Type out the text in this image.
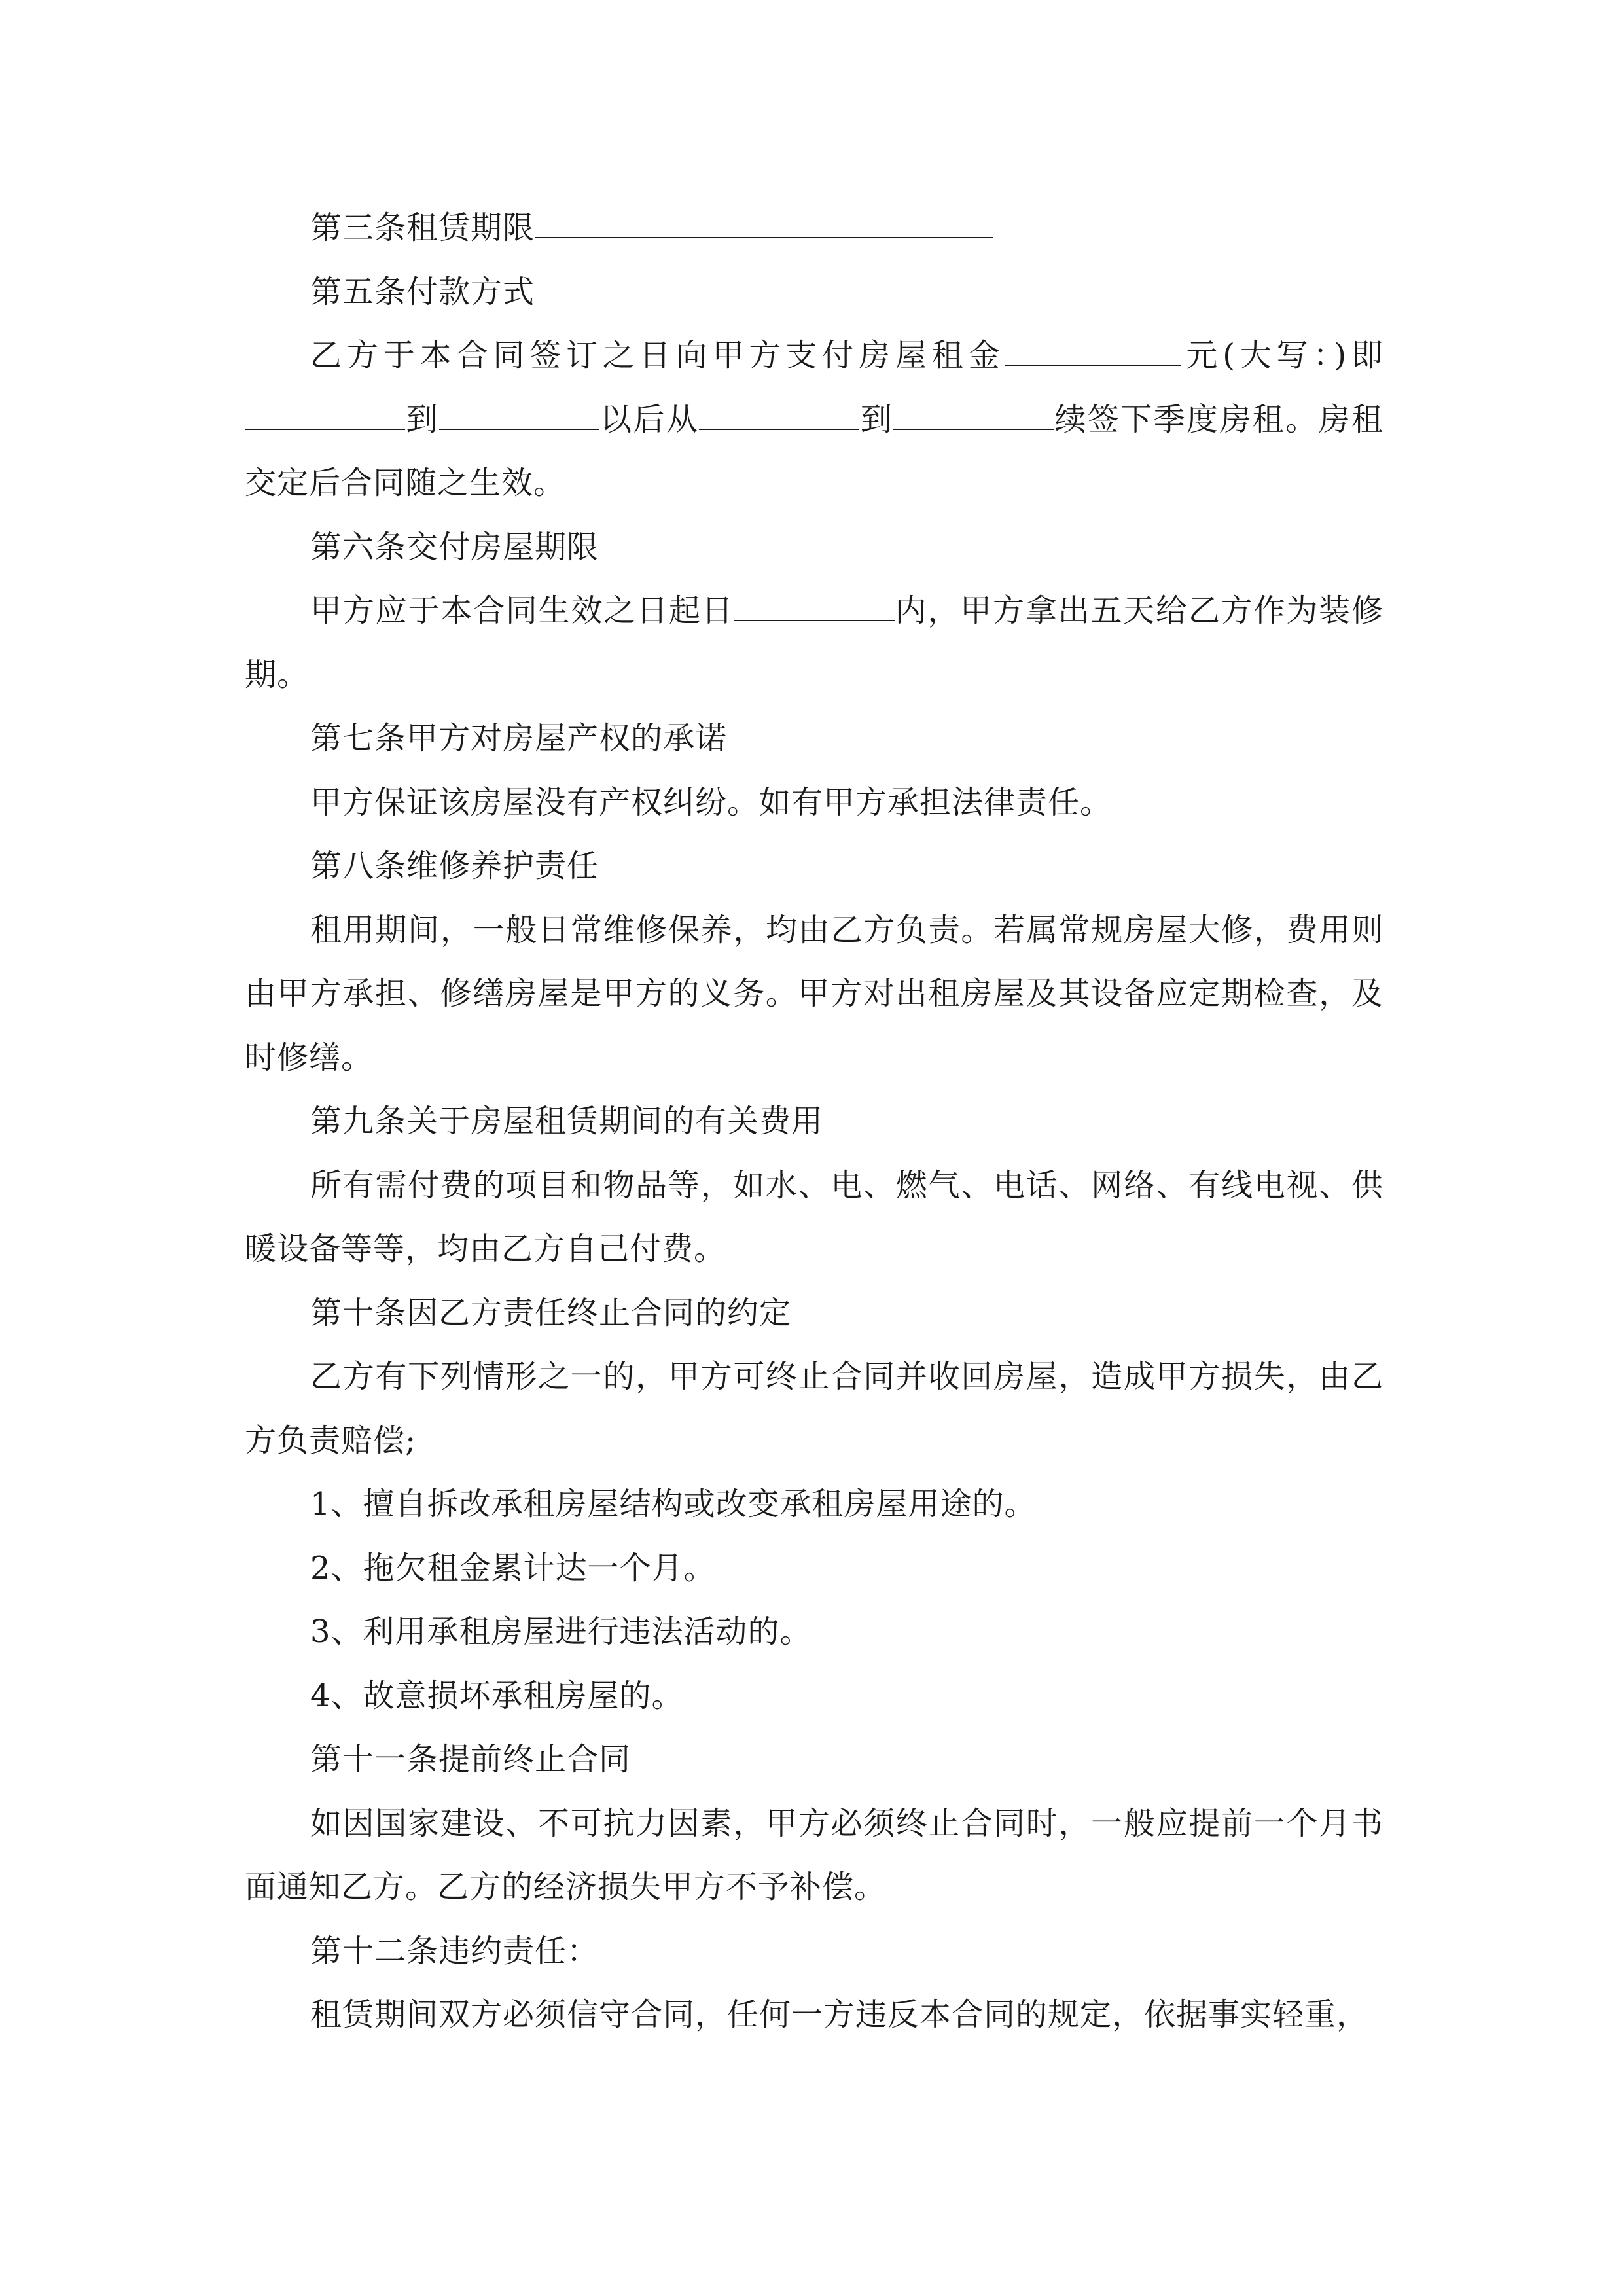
第三条租赁期限

第五条付款方式

乙方于本合同签订之日向甲方支付房屋租金	元(大写：)即到	以后从	到	续签下季度房租。房租交定后合同随之生效。

第六条交付房屋期限

甲方应于本合同生效之日起日	内，甲方拿出五天给乙方作为装修期。

第七条甲方对房屋产权的承诺

甲方保证该房屋没有产权纠纷。如有甲方承担法律责任。

第八条维修养护责任

租用期间，一般日常维修保养，均由乙方负责。若属常规房屋大修，费用则由甲方承担、修缮房屋是甲方的义务。甲方对出租房屋及其设备应定期检查，及时修缮。

第九条关于房屋租赁期间的有关费用

所有需付费的项目和物品等，如水、电、燃气、电话、网络、有线电视、供暖设备等等，均由乙方自己付费。

第十条因乙方责任终止合同的约定

乙方有下列情形之一的，甲方可终止合同并收回房屋，造成甲方损失，由乙方负责赔偿;

1、擅自拆改承租房屋结构或改变承租房屋用途的。

2、拖欠租金累计达一个月。

3、利用承租房屋进行违法活动的。

4、故意损坏承租房屋的。

第十一条提前终止合同

如因国家建设、不可抗力因素，甲方必须终止合同时，一般应提前一个月书面通知乙方。乙方的经济损失甲方不予补偿。

第十二条违约责任：

租赁期间双方必须信守合同，任何一方违反本合同的规定，依据事实轻重，
